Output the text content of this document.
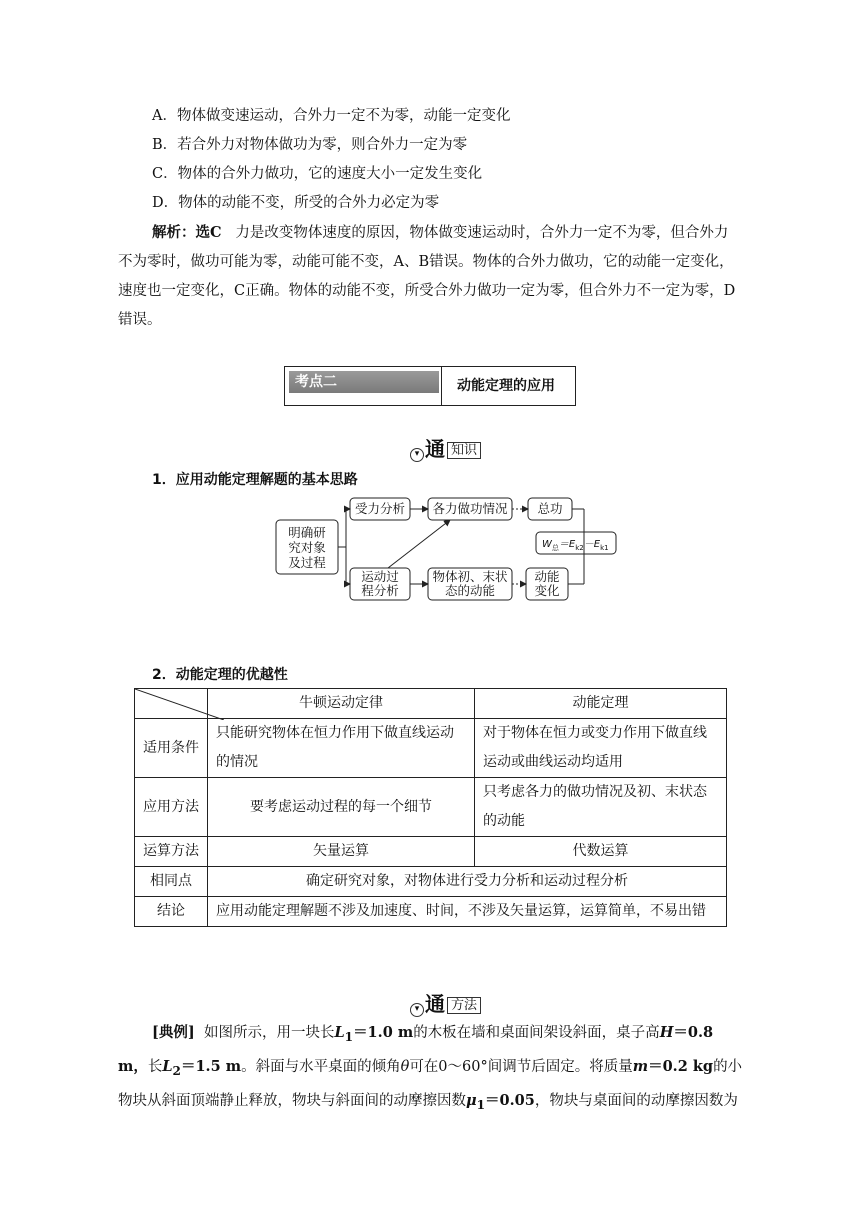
A．物体做变速运动，合外力一定不为零，动能一定变化
B．若合外力对物体做功为零，则合外力一定为零
C．物体的合外力做功，它的速度大小一定发生变化
D．物体的动能不变，所受的合外力必定为零
解析：选C 力是改变物体速度的原因，物体做变速运动时，合外力一定不为零，但合外力不为零时，做功可能为零，动能可能不变，A、B错误。物体的合外力做功，它的动能一定变化，速度也一定变化，C正确。物体的动能不变，所受合外力做功一定为零，但合外力不一定为零，D错误。
考点二	动能定理的应用
▾ 通 知识
1．应用动能定理解题的基本思路
明确研
究对象
及过程
受力分析 各力做功情况 总功
运动过
程分析
物体初、末状
态的动能
动能
变化
$W_总=E_{k2}-E_{k1}$
2．动能定理的优越性
	牛顿运动定律	动能定理
适用条件	只能研究物体在恒力作用下做直线运动的情况	对于物体在恒力或变力作用下做直线运动或曲线运动均适用
应用方法	要考虑运动过程的每一个细节	只考虑各力的做功情况及初、末状态的动能
运算方法	矢量运算	代数运算
相同点	确定研究对象，对物体进行受力分析和运动过程分析	
结论	应用动能定理解题不涉及加速度、时间，不涉及矢量运算，运算简单，不易出错	
▾ 通 方法
[典例] 如图所示，用一块长$L_1=1.0$ m的木板在墙和桌面间架设斜面，桌子高H＝0.8 m，长$L_2=1.5$ m。斜面与水平桌面的倾角θ可在0～60°间调节后固定。将质量m＝0.2 kg的小物块从斜面顶端静止释放，物块与斜面间的动摩擦因数$\mu_1=0.05$，物块与桌面间的动摩擦因数为
